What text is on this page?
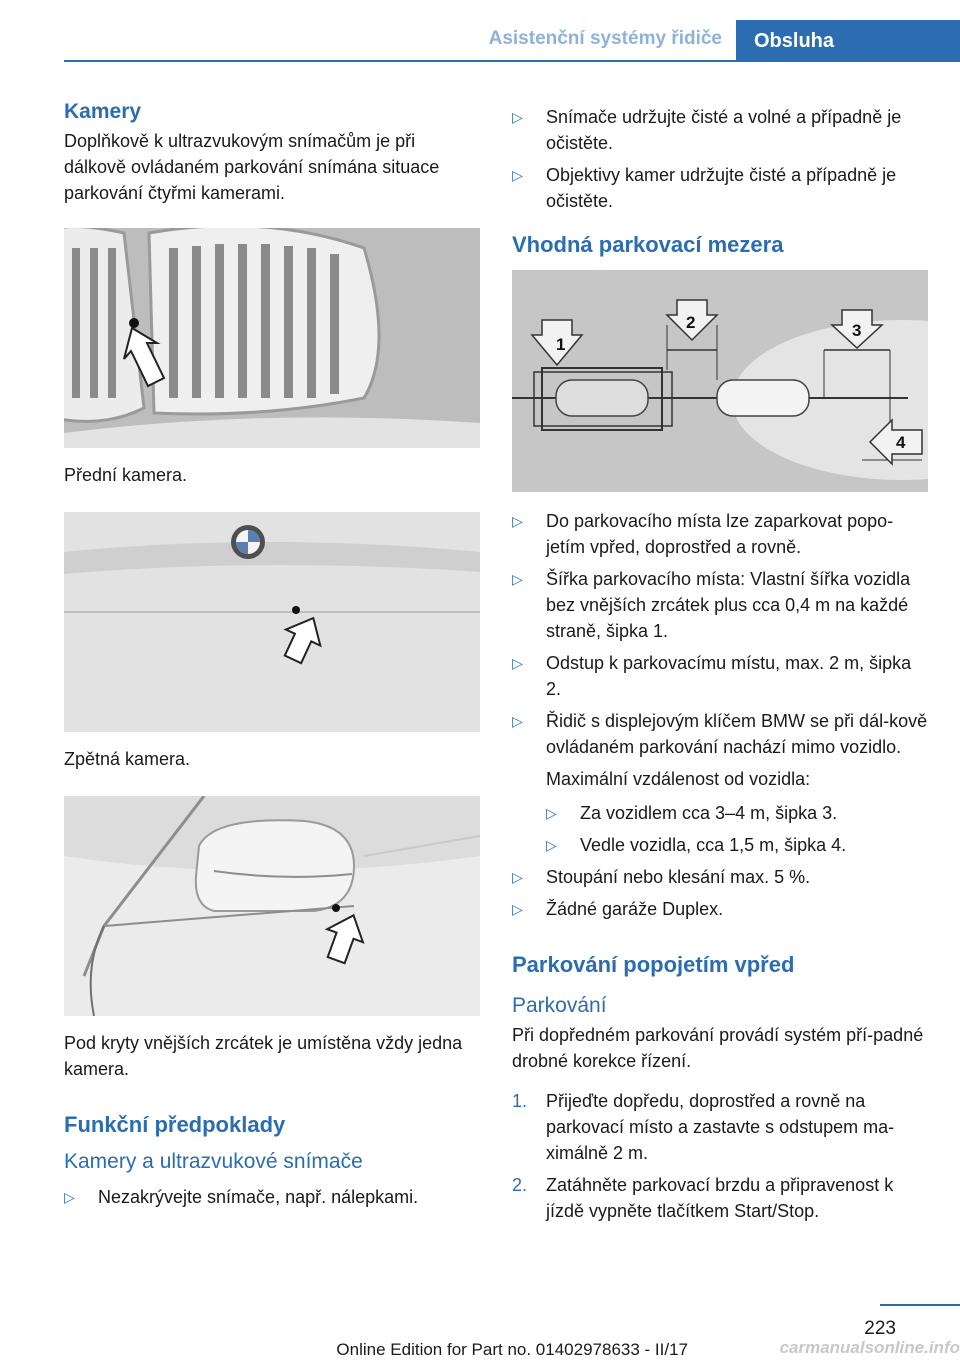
Asistenční systémy řidiče	Obsluha
Kamery

Doplňkově k ultrazvukovým snímačům je při dálkově ovládaném parkování snímána situace parkování čtyřmi kamerami.

Přední kamera.

Zpětná kamera.

Pod kryty vnějších zrcátek je umístěna vždy jedna kamera.

Funkční předpoklady
Kamery a ultrazvukové snímače
▷ Nezakrývejte snímače, např. nálepkami.
▷ Snímače udržujte čisté a volné a případně je očistěte.
▷ Objektivy kamer udržujte čisté a případně je očistěte.
Vhodná parkovací mezera
1
2	3
4
▷ Do parkovacího místa lze zaparkovat popo-jetím vpřed, doprostřed a rovně.
▷ Šířka parkovacího místa: Vlastní šířka vozidla bez vnějších zrcátek plus cca 0,4 m na každé straně, šipka 1.
▷ Odstup k parkovacímu místu, max. 2 m, šipka 2.
▷ Řidič s displejovým klíčem BMW se při dál-kově ovládaném parkování nachází mimo vozidlo.

Maximální vzdálenost od vozidla:

▷ Za vozidlem cca 3–4 m, šipka 3.
▷ Vedle vozidla, cca 1,5 m, šipka 4.
▷ Stoupání nebo klesání max. 5 %.
▷ Žádné garáže Duplex.
Parkování popojetím vpřed
Parkování

Při dopředném parkování provádí systém pří-padné drobné korekce řízení.

1. Přijeďte dopředu, doprostřed a rovně na parkovací místo a zastavte s odstupem ma-ximálně 2 m.
2. Zatáhněte parkovací brzdu a připravenost k jízdě vypněte tlačítkem Start/Stop.
223
Online Edition for Part no. 01402978633 - II/17	carmanualsonline.info
